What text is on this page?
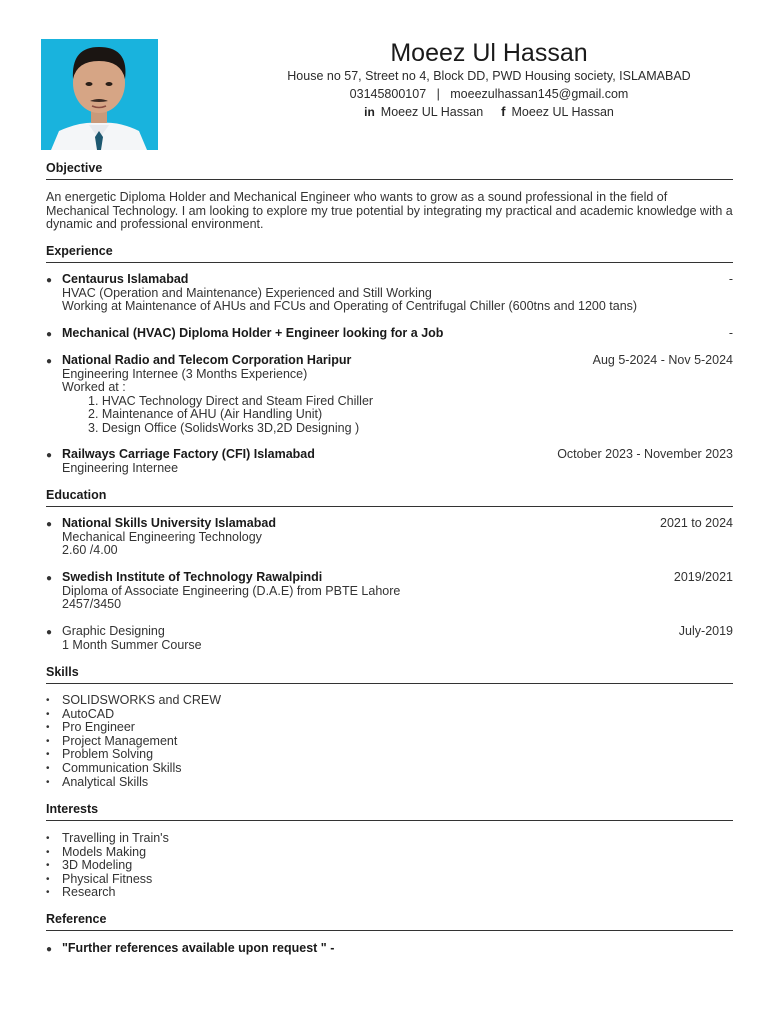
Moeez Ul Hassan
House no 57, Street no 4, Block DD, PWD Housing society, ISLAMABAD
03145800107 | moeezulhassan145@gmail.com
in Moeez UL Hassan f Moeez UL Hassan
Objective
An energetic Diploma Holder and Mechanical Engineer who wants to grow as a sound professional in the field of Mechanical Technology. I am looking to explore my true potential by integrating my practical and academic knowledge with a dynamic and professional environment.
Experience
● Centaurus Islamabad
HVAC (Operation and Maintenance) Experienced and Still Working
Working at Maintenance of AHUs and FCUs and Operating of Centrifugal Chiller (600tns and 1200 tans)
-
● Mechanical (HVAC) Diploma Holder + Engineer looking for a Job	-
● National Radio and Telecom Corporation Haripur
Engineering Internee (3 Months Experience)
Worked at :
1. HVAC Technology Direct and Steam Fired Chiller
2. Maintenance of AHU (Air Handling Unit)
3. Design Office (SolidsWorks 3D,2D Designing )
Aug 5-2024 - Nov 5-2024
● Railways Carriage Factory (CFI) Islamabad
Engineering Internee
October 2023 - November 2023
Education
● National Skills University Islamabad
Mechanical Engineering Technology
2.60 /4.00
2021 to 2024
● Swedish Institute of Technology Rawalpindi
Diploma of Associate Engineering (D.A.E) from PBTE Lahore
2457/3450
2019/2021
● Graphic Designing
1 Month Summer Course
July-2019
Skills
• SOLIDSWORKS and CREW
• AutoCAD
• Pro Engineer
• Project Management
• Problem Solving
• Communication Skills
• Analytical Skills
Interests
• Travelling in Train's
• Models Making
• 3D Modeling
• Physical Fitness
• Research
Reference
● "Further references available upon request " -
